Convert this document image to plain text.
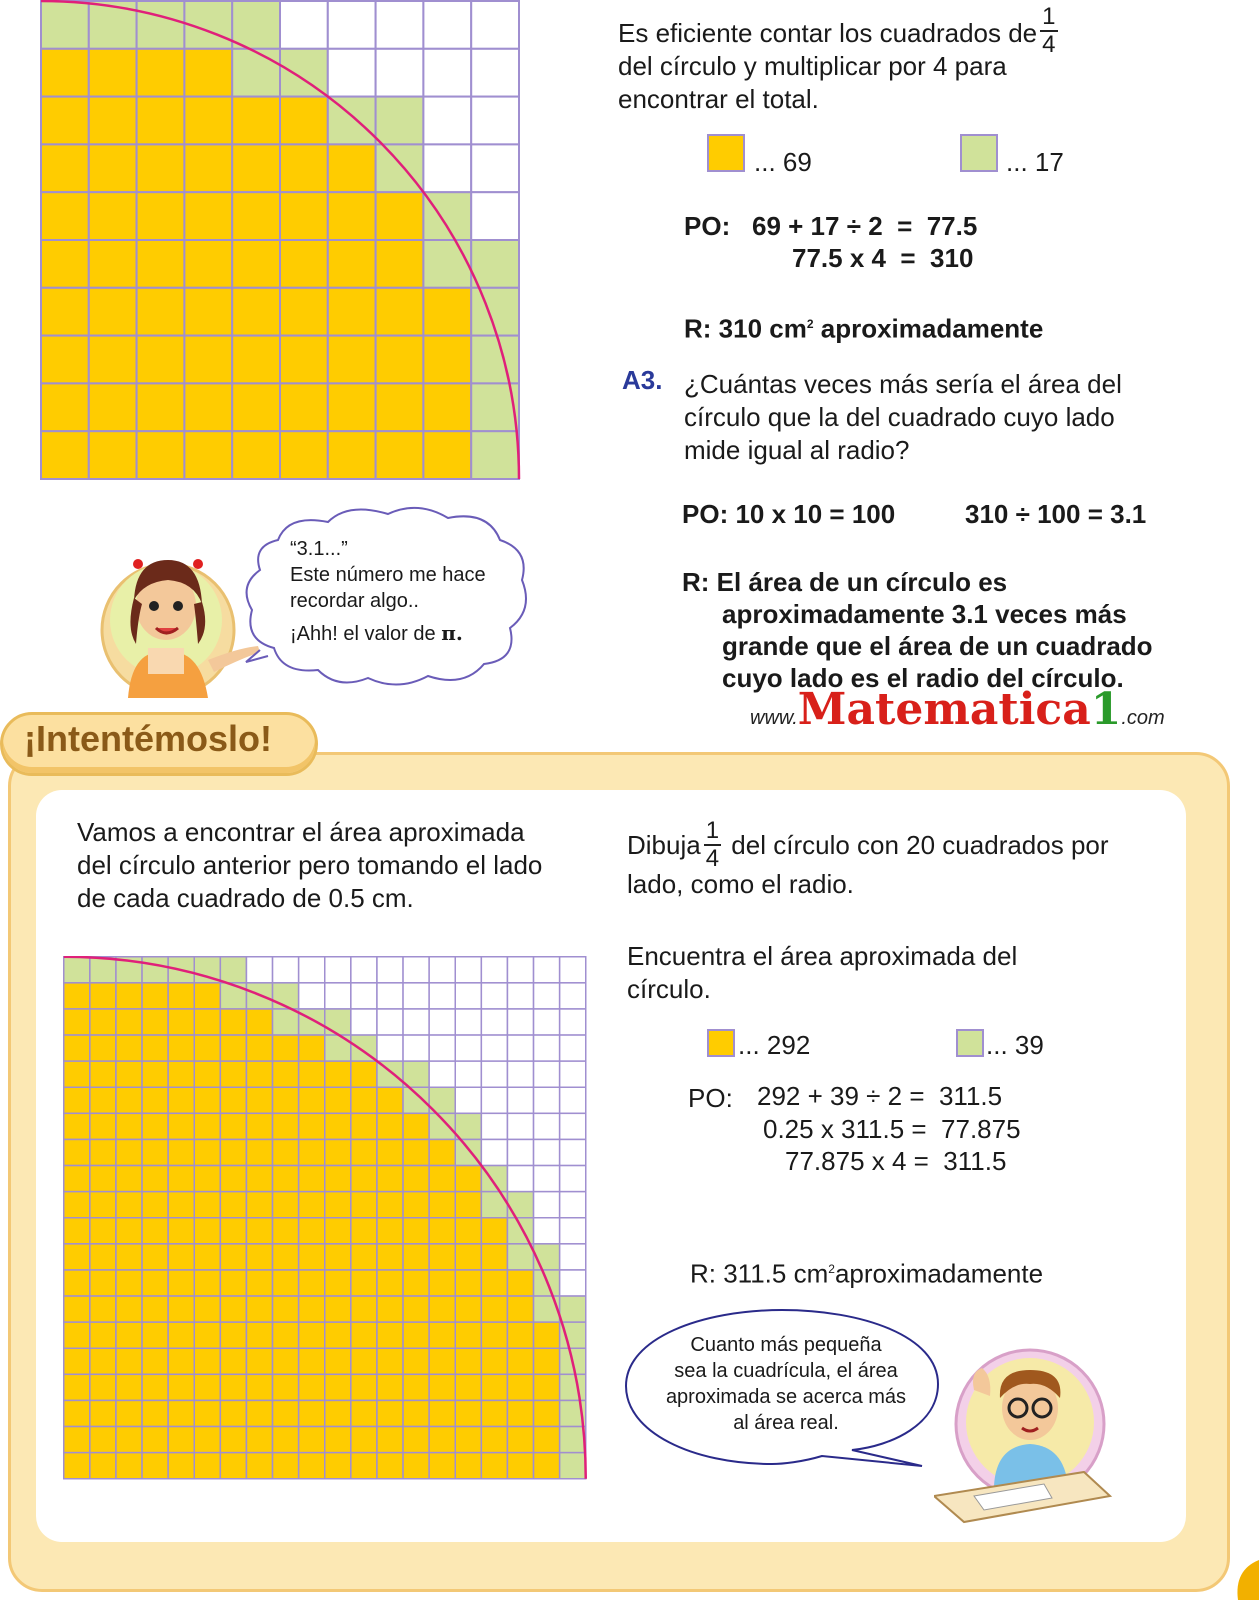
Es eficiente contar los cuadrados de $\frac{1}{4}$
del círculo y multiplicar por 4 para
encontrar el total.
... 69	... 17
PO: 69 + 17 ÷ 2  =  77.5
77.5 x 4  =  310
R: 310 $cm^2$ aproximadamente
A3. ¿Cuántas veces más sería el área del
círculo que la del cuadrado cuyo lado
mide igual al radio?
PO: 10 x 10 = 100	310 ÷ 100 = 3.1
R: El área de un círculo es
aproximadamente 3.1 veces más
grande que el área de un cuadrado
cuyo lado es el radio del círculo.
“3.1...”
Este número me hace
recordar algo..
¡Ahh! el valor de π.
www.Matematica1.com
¡Intentémoslo!
Vamos a encontrar el área aproximada
del círculo anterior pero tomando el lado
de cada cuadrado de 0.5 cm.
Dibuja $\frac{1}{4}$ del círculo con 20 cuadrados por
lado, como el radio.
Encuentra el área aproximada del
círculo.
... 292	... 39
PO: 292 + 39 ÷ 2 =  311.5
0.25 x 311.5 =  77.875
77.875 x 4 =  311.5
R: 311.5 $cm^2aproximadamente$
Cuanto más pequeña
sea la cuadrícula, el área
aproximada se acerca más
al área real.
